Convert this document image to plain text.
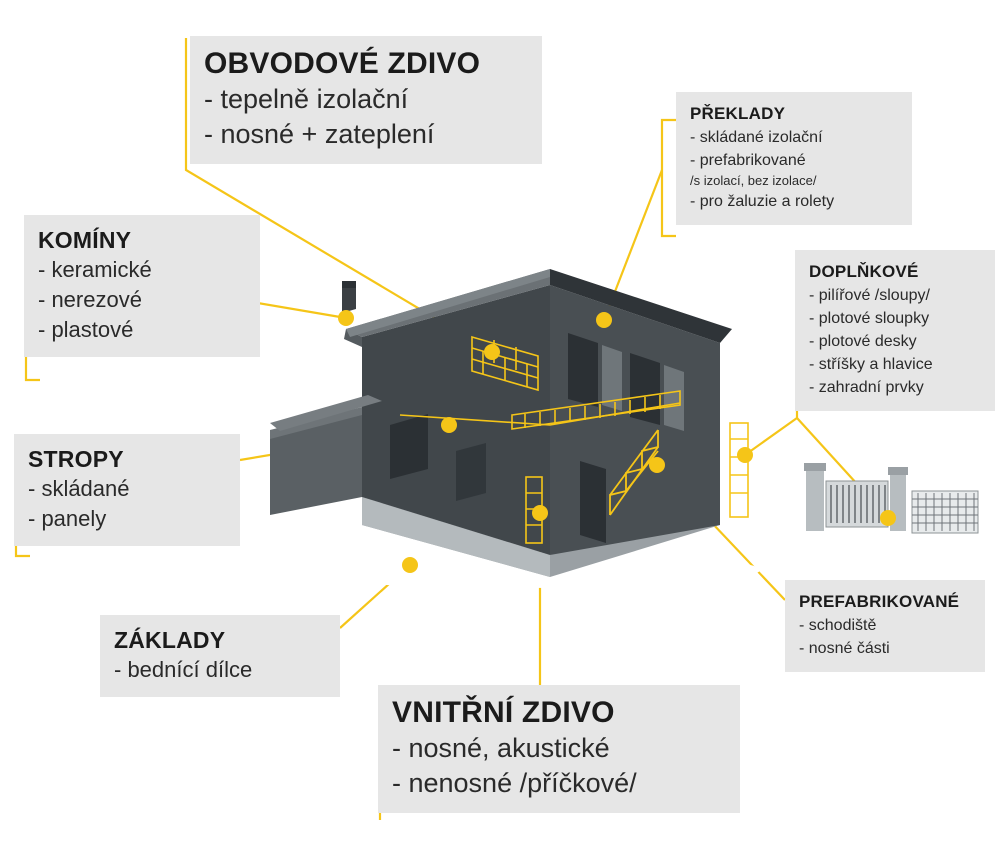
OBVODOVÉ ZDIVO
- tepelně izolační
- nosné + zateplení
PŘEKLADY
- skládané izolační
- prefabrikované
/s izolací, bez izolace/
- pro žaluzie a rolety
KOMÍNY
- keramické
- nerezové
- plastové
DOPLŇKOVÉ
- pilířové /sloupy/
- plotové sloupky
- plotové desky
- stříšky a hlavice
- zahradní prvky
STROPY
- skládané
- panely
ZÁKLADY
- bednící dílce
PREFABRIKOVANÉ
- schodiště
- nosné části
VNITŘNÍ ZDIVO
- nosné, akustické
- nenosné /příčkové/
